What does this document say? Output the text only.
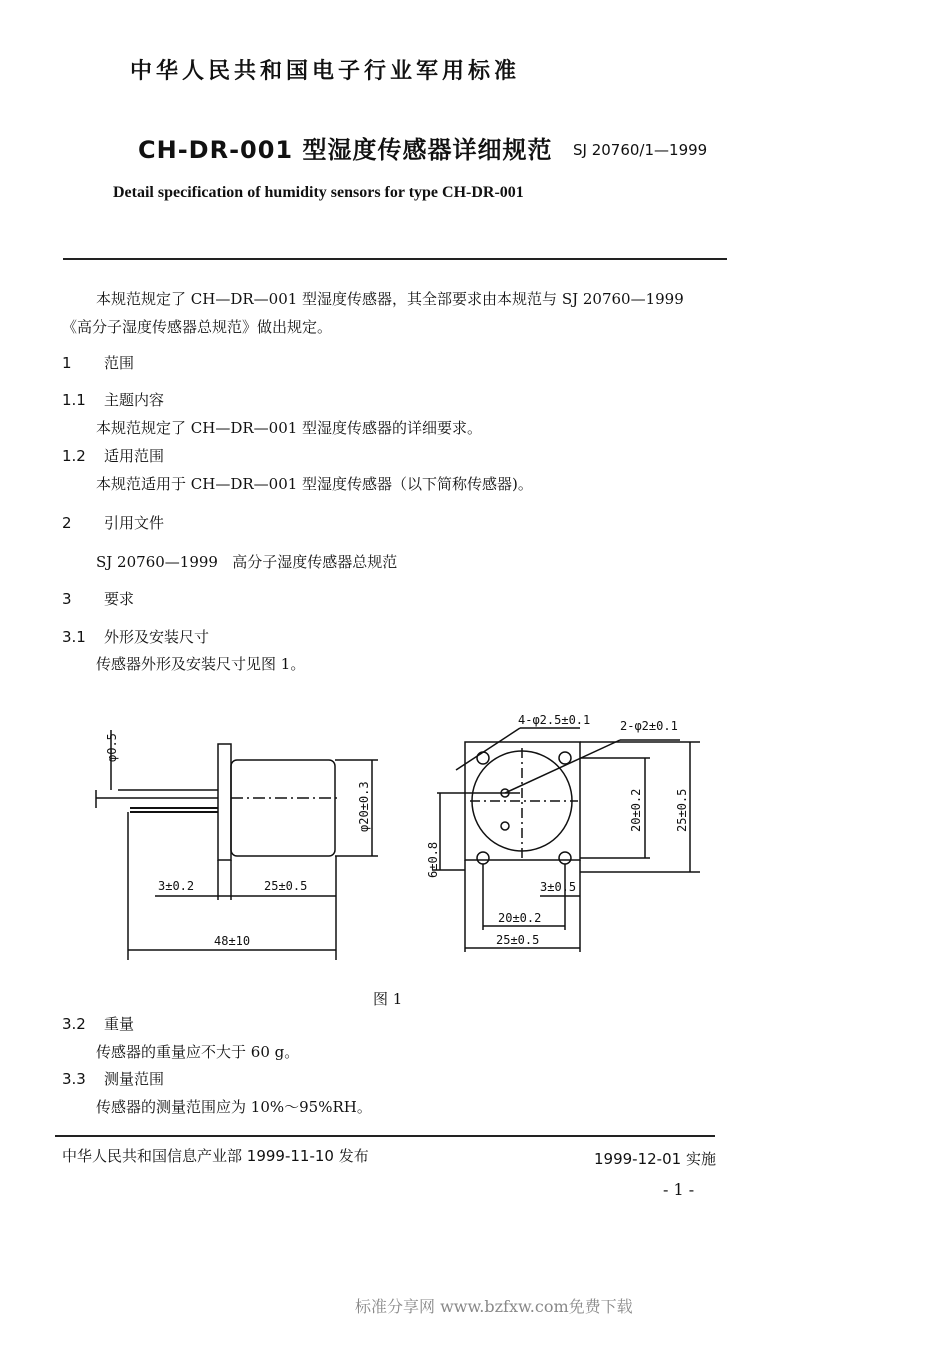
中华人民共和国电子行业军用标准
CH-DR-001 型湿度传感器详细规范 SJ 20760/1—1999
Detail specification of humidity sensors for type CH-DR-001
本规范规定了 CH—DR—001 型湿度传感器，其全部要求由本规范与 SJ 20760—1999
《高分子湿度传感器总规范》做出规定。
1 范围
1.1 主题内容
本规范规定了 CH—DR—001 型湿度传感器的详细要求。
1.2 适用范围
本规范适用于 CH—DR—001 型湿度传感器（以下简称传感器)。
2 引用文件
SJ 20760—1999   高分子湿度传感器总规范
3 要求
3.1 外形及安装尺寸
传感器外形及安装尺寸见图 1。
φ0.5
φ20±0.3
3±0.2	25±0.5
48±10
4-φ2.5±0.1 2-φ2±0.1
20±0.2	25±0.5
6±0.8
3±0.5
20±0.2
25±0.5
图 1
3.2 重量
传感器的重量应不大于 60 g。
3.3 测量范围
传感器的测量范围应为 10%～95%RH。
中华人民共和国信息产业部 1999-11-10 发布	1999-12-01 实施
- 1 -
标准分享网 www.bzfxw.com免费下载
